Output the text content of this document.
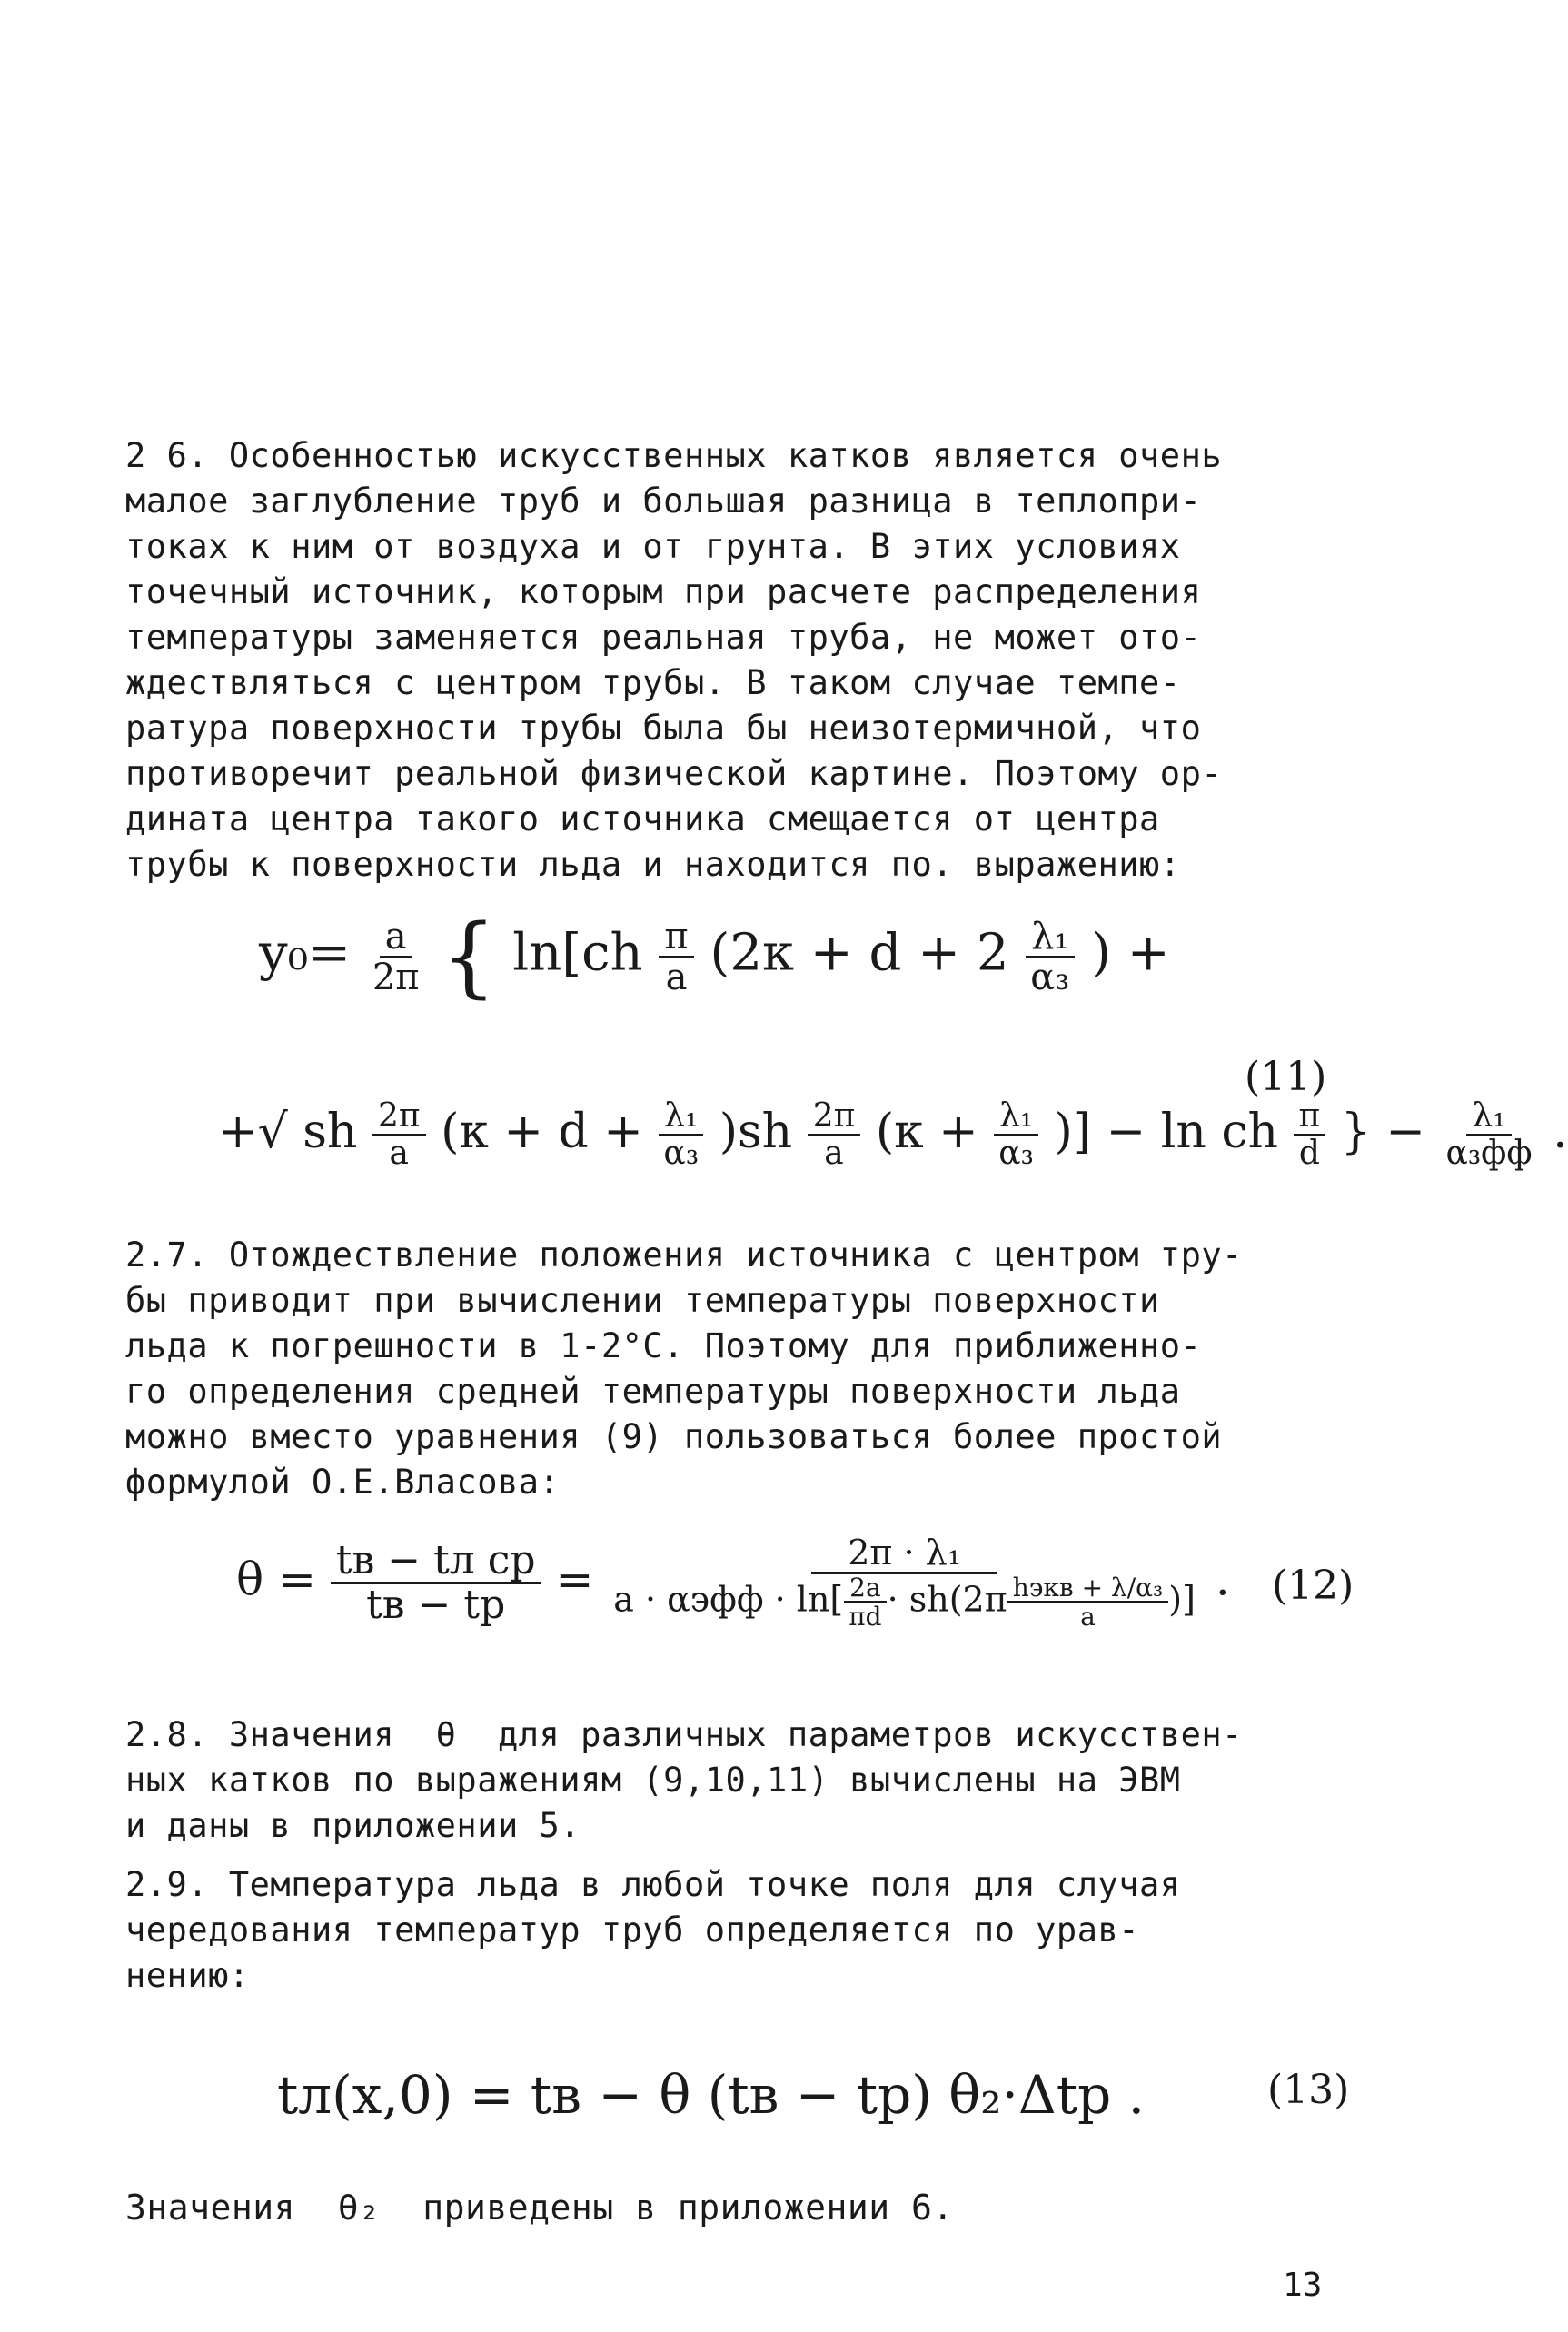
2 6. Особенностью искусственных катков является очень
малое заглубление труб и большая разница в теплопри-
токах к ним от воздуха и от грунта. В этих условиях
точечный источник, которым при расчете распределения
температуры заменяется реальная труба, не может ото-
ждествляться с центром трубы. В таком случае темпе-
ратура поверхности трубы была бы неизотермичной, что
противоречит реальной физической картине. Поэтому ор-
дината центра такого источника смещается от центра
трубы к поверхности льда и находится по. выражению:
$y_0= \frac{a}{2\pi}$ { $\ln[ch \frac{\pi}{a} (2к + d + 2 \frac{\text{λ₁}}{\text{α₃}}$ ) +
+√ sh $\frac{2\pi}{a} (к + d + \frac{\text{λ₁}}{\text{α₃}} )sh \frac{2\pi}{a} (к + \frac{\text{λ₁}}{\text{α₃}}$ )] − ln ch $\frac{\pi}{d}$ } − $\frac{\text{λ₁}}{\text{α₃фф}}$ .
(11)
2.7. Отождествление положения источника с центром тру-
бы приводит при вычислении температуры поверхности
льда к погрешности в 1-2°С. Поэтому для приближенно-
го определения средней температуры поверхности льда
можно вместо уравнения (9) пользоваться более простой
формулой О.Е.Власова:
$\theta = \frac{\text{tв − tл ср}}{tв - tр} = \frac{\text{2π · λ₁}}{a \cdot \alpha эфф \cdot \ln[ \frac{2a}{\pi d} \cdot sh(2\pi \frac{\text{hэкв + λ/α₃}}{a} )]}$ . (12)
2.8. Значения  θ  для различных параметров искусствен-
ных катков по выражениям (9,10,11) вычислены на ЭВМ
и даны в приложении 5.
2.9. Температура льда в любой точке поля для случая
чередования температур труб определяется по урав-
нению:
tл(x,0) = tв − θ (tв − tр) θ₂·Δtр .	(13)
Значения  θ₂  приведены в приложении 6.
13
